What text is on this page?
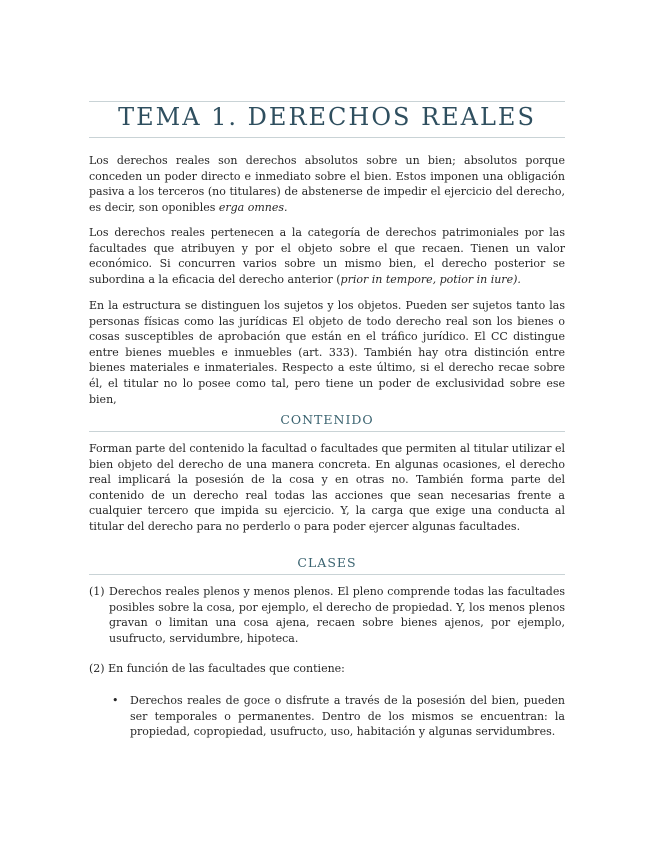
TEMA 1. DERECHOS REALES

Los derechos reales son derechos absolutos sobre un bien; absolutos porque conceden un poder directo e inmediato sobre el bien. Estos imponen una obligación pasiva a los terceros (no titulares) de abstenerse de impedir el ejercicio del derecho, es decir, son oponibles erga omnes.

Los derechos reales pertenecen a la categoría de derechos patrimoniales por las facultades que atribuyen y por el objeto sobre el que recaen. Tienen un valor económico. Si concurren varios sobre un mismo bien, el derecho posterior se subordina a la eficacia del derecho anterior (prior in tempore, potior in iure).

En la estructura se distinguen los sujetos y los objetos. Pueden ser sujetos tanto las personas físicas como las jurídicas El objeto de todo derecho real son los bienes o cosas susceptibles de aprobación que están en el tráfico jurídico. El CC distingue entre bienes muebles e inmuebles (art. 333). También hay otra distinción entre bienes materiales e inmateriales. Respecto a este último, si el derecho recae sobre él, el titular no lo posee como tal, pero tiene un poder de exclusividad sobre ese bien,

CONTENIDO

Forman parte del contenido la facultad o facultades que permiten al titular utilizar el bien objeto del derecho de una manera concreta. En algunas ocasiones, el derecho real implicará la posesión de la cosa y en otras no. También forma parte del contenido de un derecho real todas las acciones que sean necesarias frente a cualquier tercero que impida su ejercicio. Y, la carga que exige una conducta al titular del derecho para no perderlo o para poder ejercer algunas facultades.

CLASES
(1) Derechos reales plenos y menos plenos. El pleno comprende todas las facultades posibles sobre la cosa, por ejemplo, el derecho de propiedad. Y, los menos plenos gravan o limitan una cosa ajena, recaen sobre bienes ajenos, por ejemplo, usufructo, servidumbre, hipoteca.
(2) En función de las facultades que contiene:
• Derechos reales de goce o disfrute a través de la posesión del bien, pueden ser temporales o permanentes. Dentro de los mismos se encuentran: la propiedad, copropiedad, usufructo, uso, habitación y algunas servidumbres.
